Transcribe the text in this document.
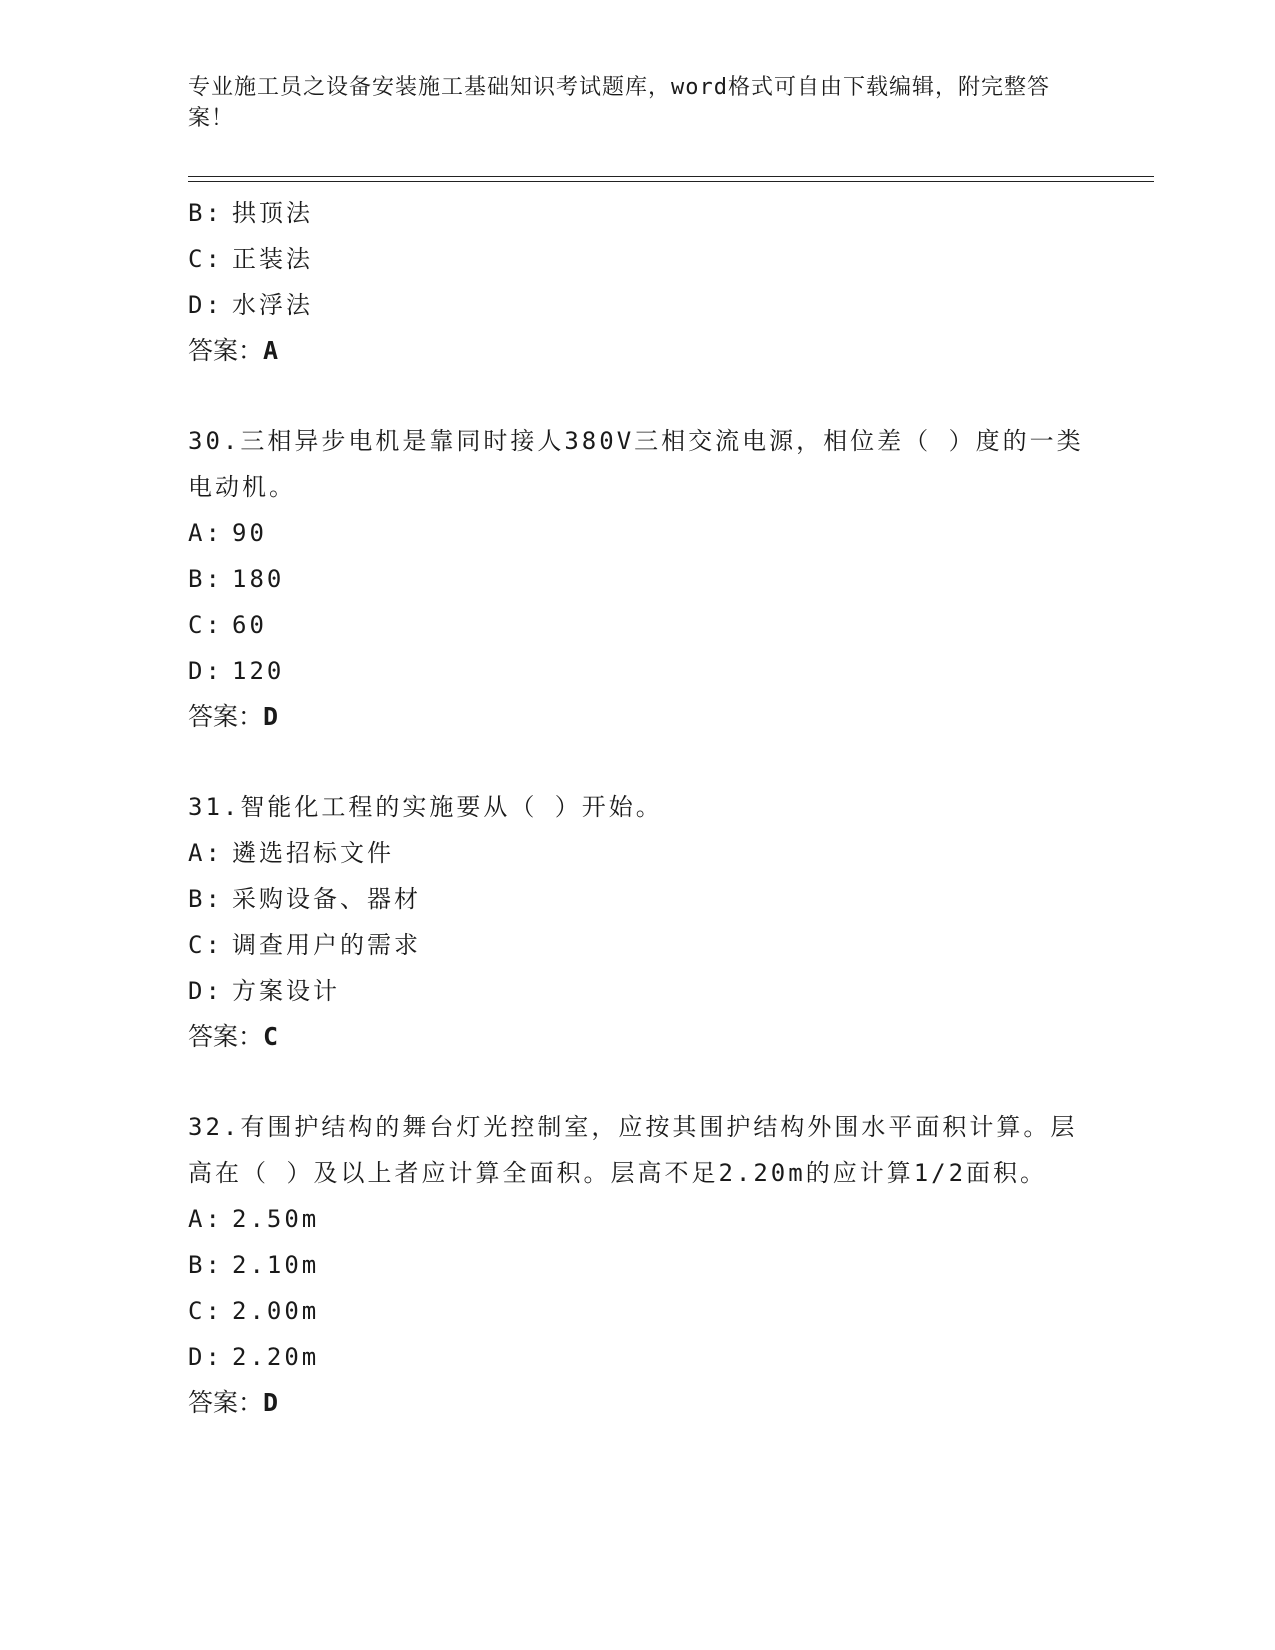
专业施工员之设备安装施工基础知识考试题库，word格式可自由下载编辑，附完整答案！
B: 拱顶法
C: 正装法
D: 水浮法
答案：A
30.三相异步电机是靠同时接人380V三相交流电源，相位差（ ）度的一类电动机。
A: 90
B: 180
C: 60
D: 120
答案：D
31.智能化工程的实施要从（ ）开始。
A: 遴选招标文件
B: 采购设备、器材
C: 调查用户的需求
D: 方案设计
答案：C
32.有围护结构的舞台灯光控制室，应按其围护结构外围水平面积计算。层高在（ ）及以上者应计算全面积。层高不足2.20m的应计算1/2面积。
A: 2.50m
B: 2.10m
C: 2.00m
D: 2.20m
答案：D
